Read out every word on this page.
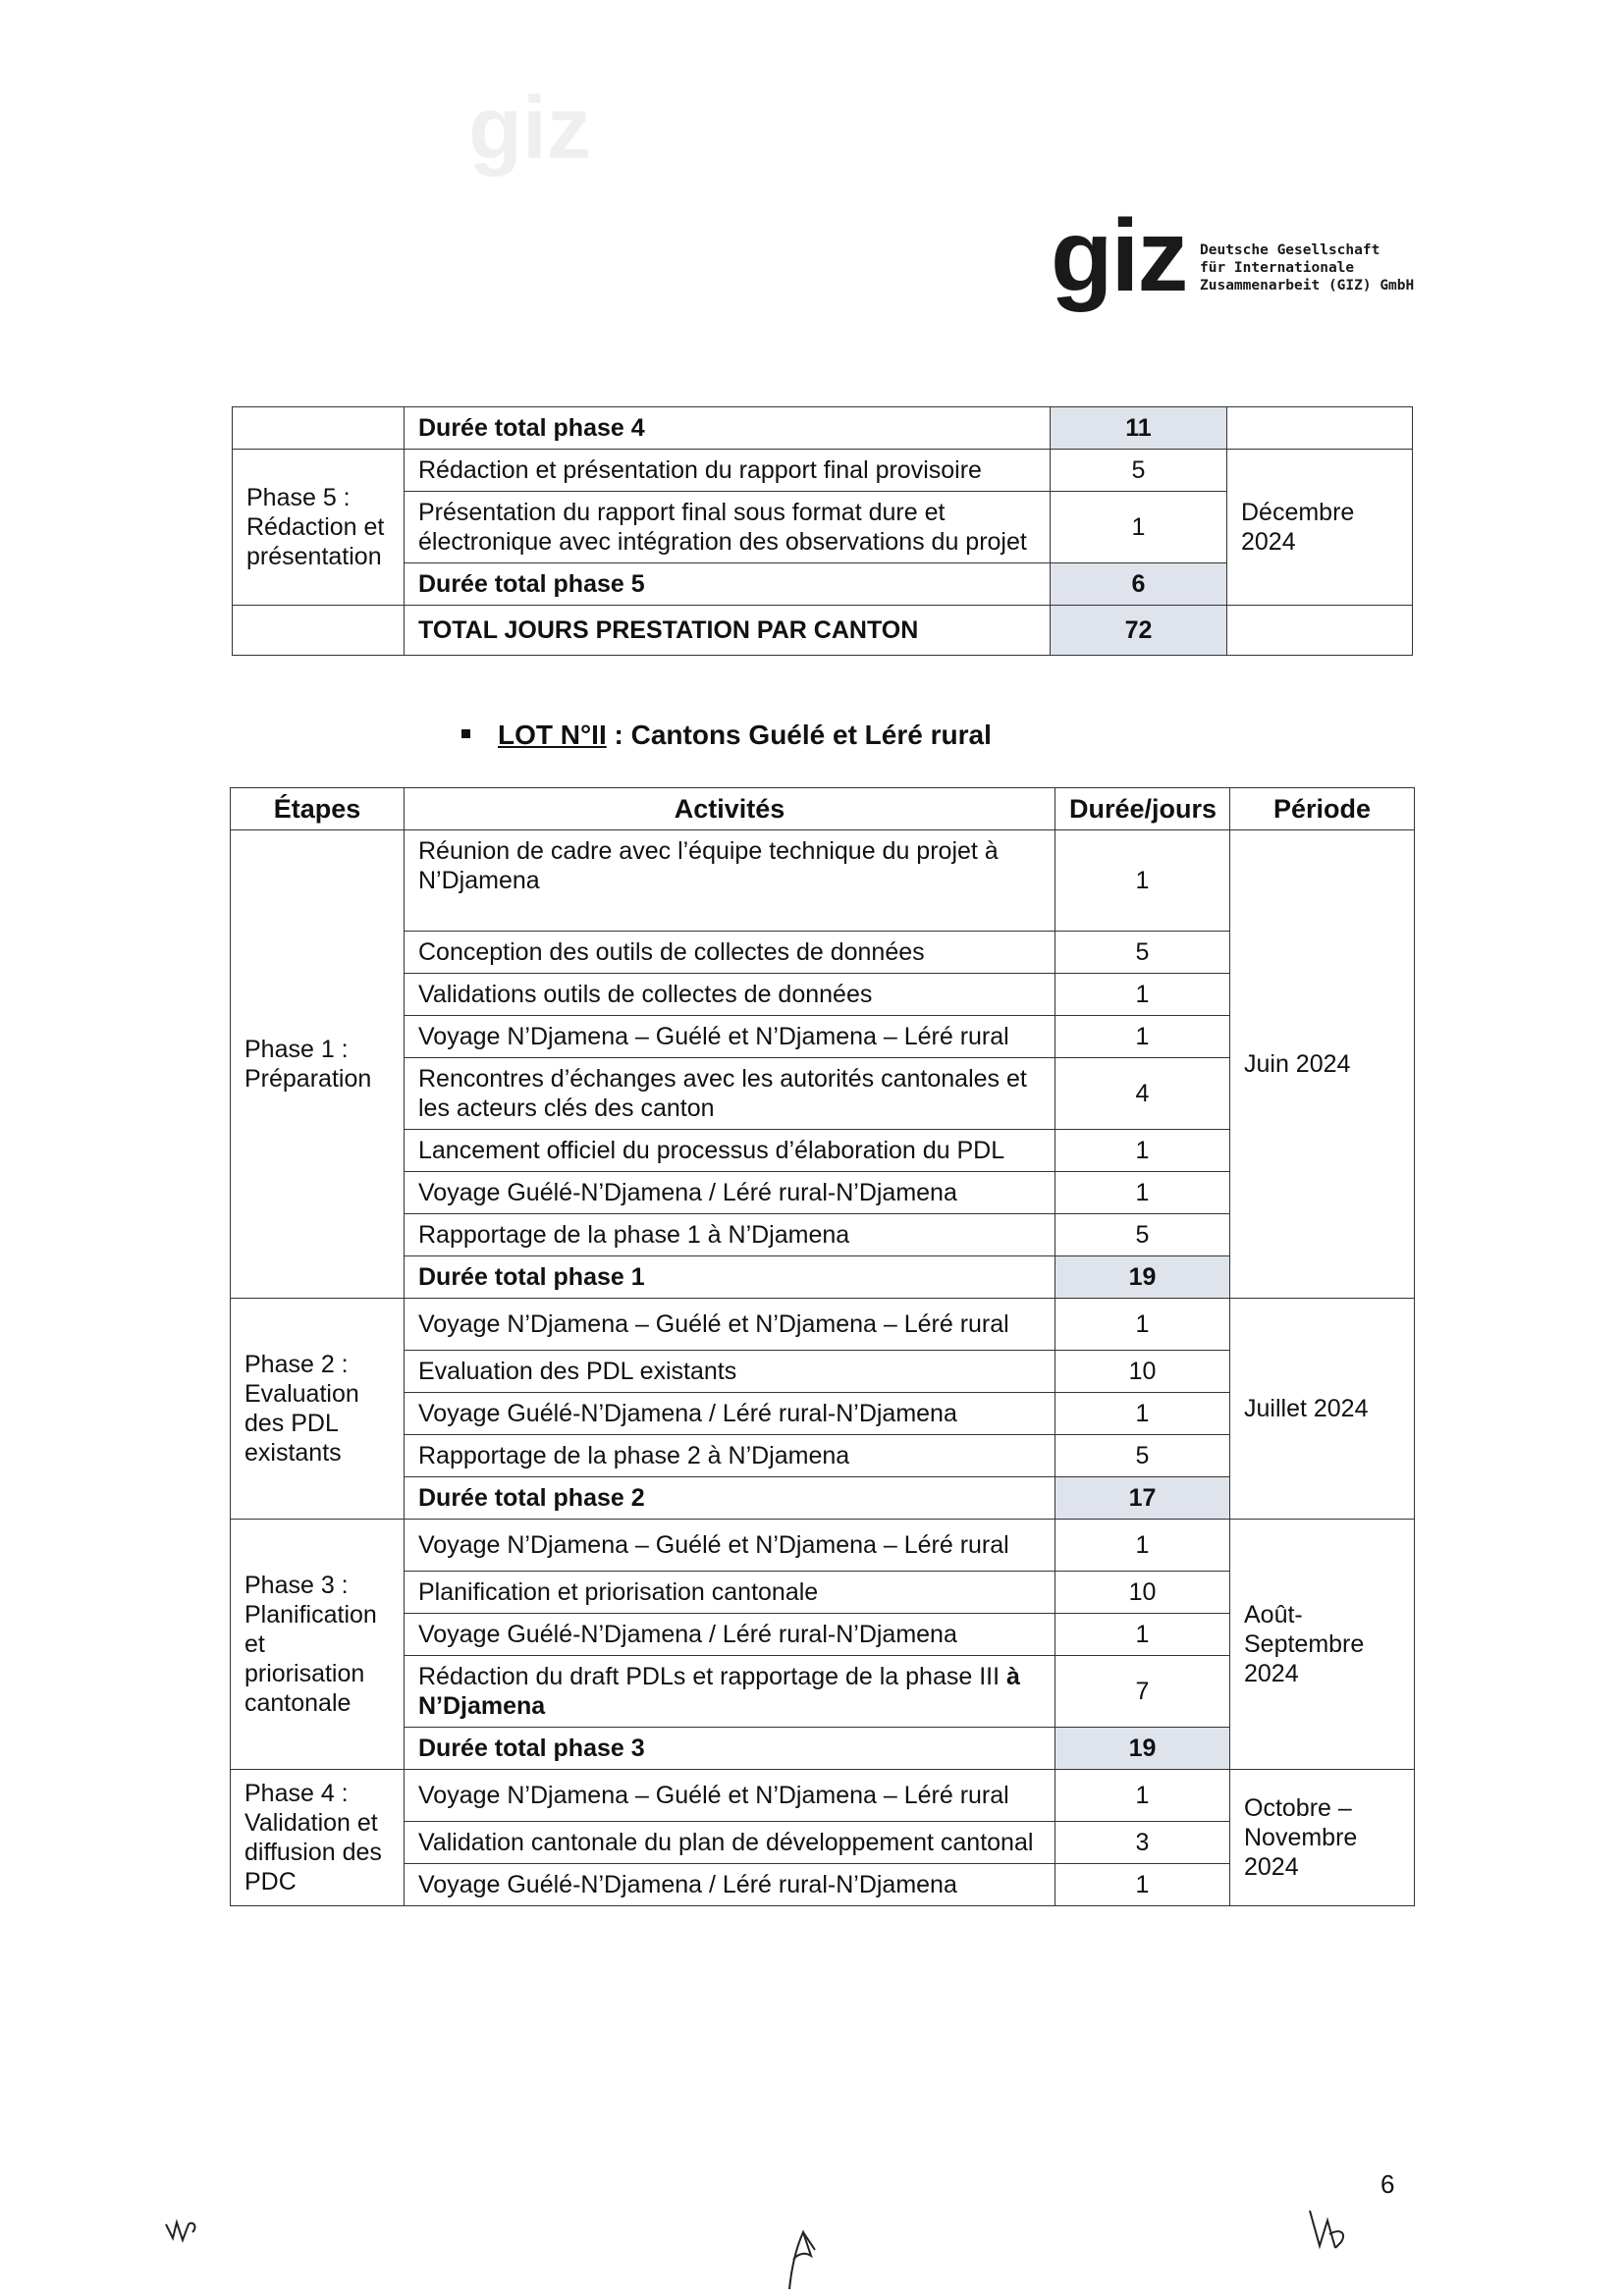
giz
giz Deutsche Gesellschaft
für Internationale
Zusammenarbeit (GIZ) GmbH
	Durée total phase 4	11	
Phase 5 : Rédaction et présentation	Rédaction et présentation du rapport final provisoire	5	Décembre 2024
	Présentation du rapport final sous format dure et électronique avec intégration des observations du projet	1	
	Durée total phase 5	6	
	TOTAL JOURS PRESTATION PAR CANTON	72	
LOT N°II : Cantons Guélé et Léré rural
Étapes	Activités	Durée/jours	Période
Phase 1 : Préparation	Réunion de cadre avec l’équipe technique du projet à N’Djamena	1	Juin 2024
	Conception des outils de collectes de données	5	
	Validations outils de collectes de données	1	
	Voyage N’Djamena – Guélé et N’Djamena – Léré rural	1	
	Rencontres d’échanges avec les autorités cantonales et les acteurs clés des canton	4	
	Lancement officiel du processus d’élaboration du PDL	1	
	Voyage Guélé-N’Djamena / Léré rural-N’Djamena	1	
	Rapportage de la phase 1 à N’Djamena	5	
	Durée total phase 1	19	
Phase 2 : Evaluation des PDL existants	Voyage N’Djamena – Guélé et N’Djamena – Léré rural	1	Juillet 2024
	Evaluation des PDL existants	10	
	Voyage Guélé-N’Djamena / Léré rural-N’Djamena	1	
	Rapportage de la phase 2 à N’Djamena	5	
	Durée total phase 2	17	
Phase 3 : Planification et priorisation cantonale	Voyage N’Djamena – Guélé et N’Djamena – Léré rural	1	Août-Septembre 2024
	Planification et priorisation cantonale	10	
	Voyage Guélé-N’Djamena / Léré rural-N’Djamena	1	
	Rédaction du draft PDLs et rapportage de la phase III à N’Djamena	7	
	Durée total phase 3	19	
Phase 4 : Validation et diffusion des PDC	Voyage N’Djamena – Guélé et N’Djamena – Léré rural	1	Octobre – Novembre 2024
	Validation cantonale du plan de développement cantonal	3	
	Voyage Guélé-N’Djamena / Léré rural-N’Djamena	1	
6
